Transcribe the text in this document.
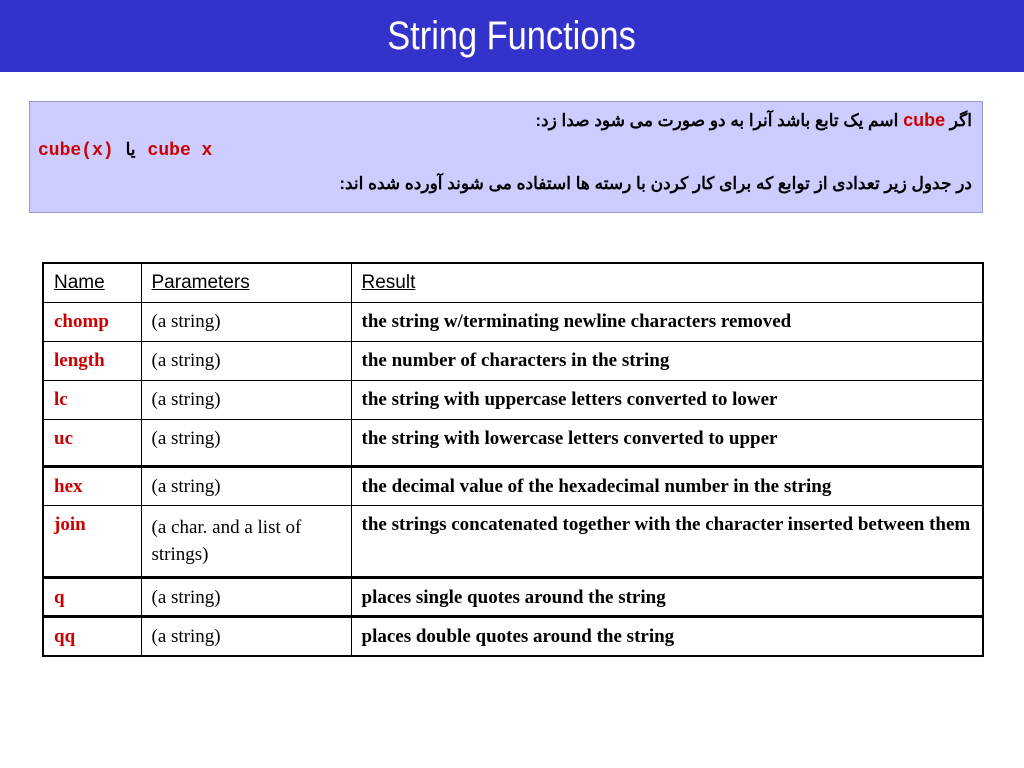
String Functions
اگر cube اسم یک تابع باشد آنرا به دو صورت می شود صدا زد:
cube(x) یا cube x
در جدول زیر تعدادی از توابع که برای کار کردن با رسته ها استفاده می شوند آورده شده اند:
Name	Parameters	Result
chomp	(a string)	the string w/terminating newline characters removed
length	(a string)	the number of characters in the string
lc	(a string)	the string with uppercase letters converted to lower
uc	(a string)	the string with lowercase letters converted to upper
hex	(a string)	the decimal value of the hexadecimal number in the string
join	(a char. and a list of strings)	the strings concatenated together with the character inserted between them
q	(a string)	places single quotes around the string
qq	(a string)	places double quotes around the string
